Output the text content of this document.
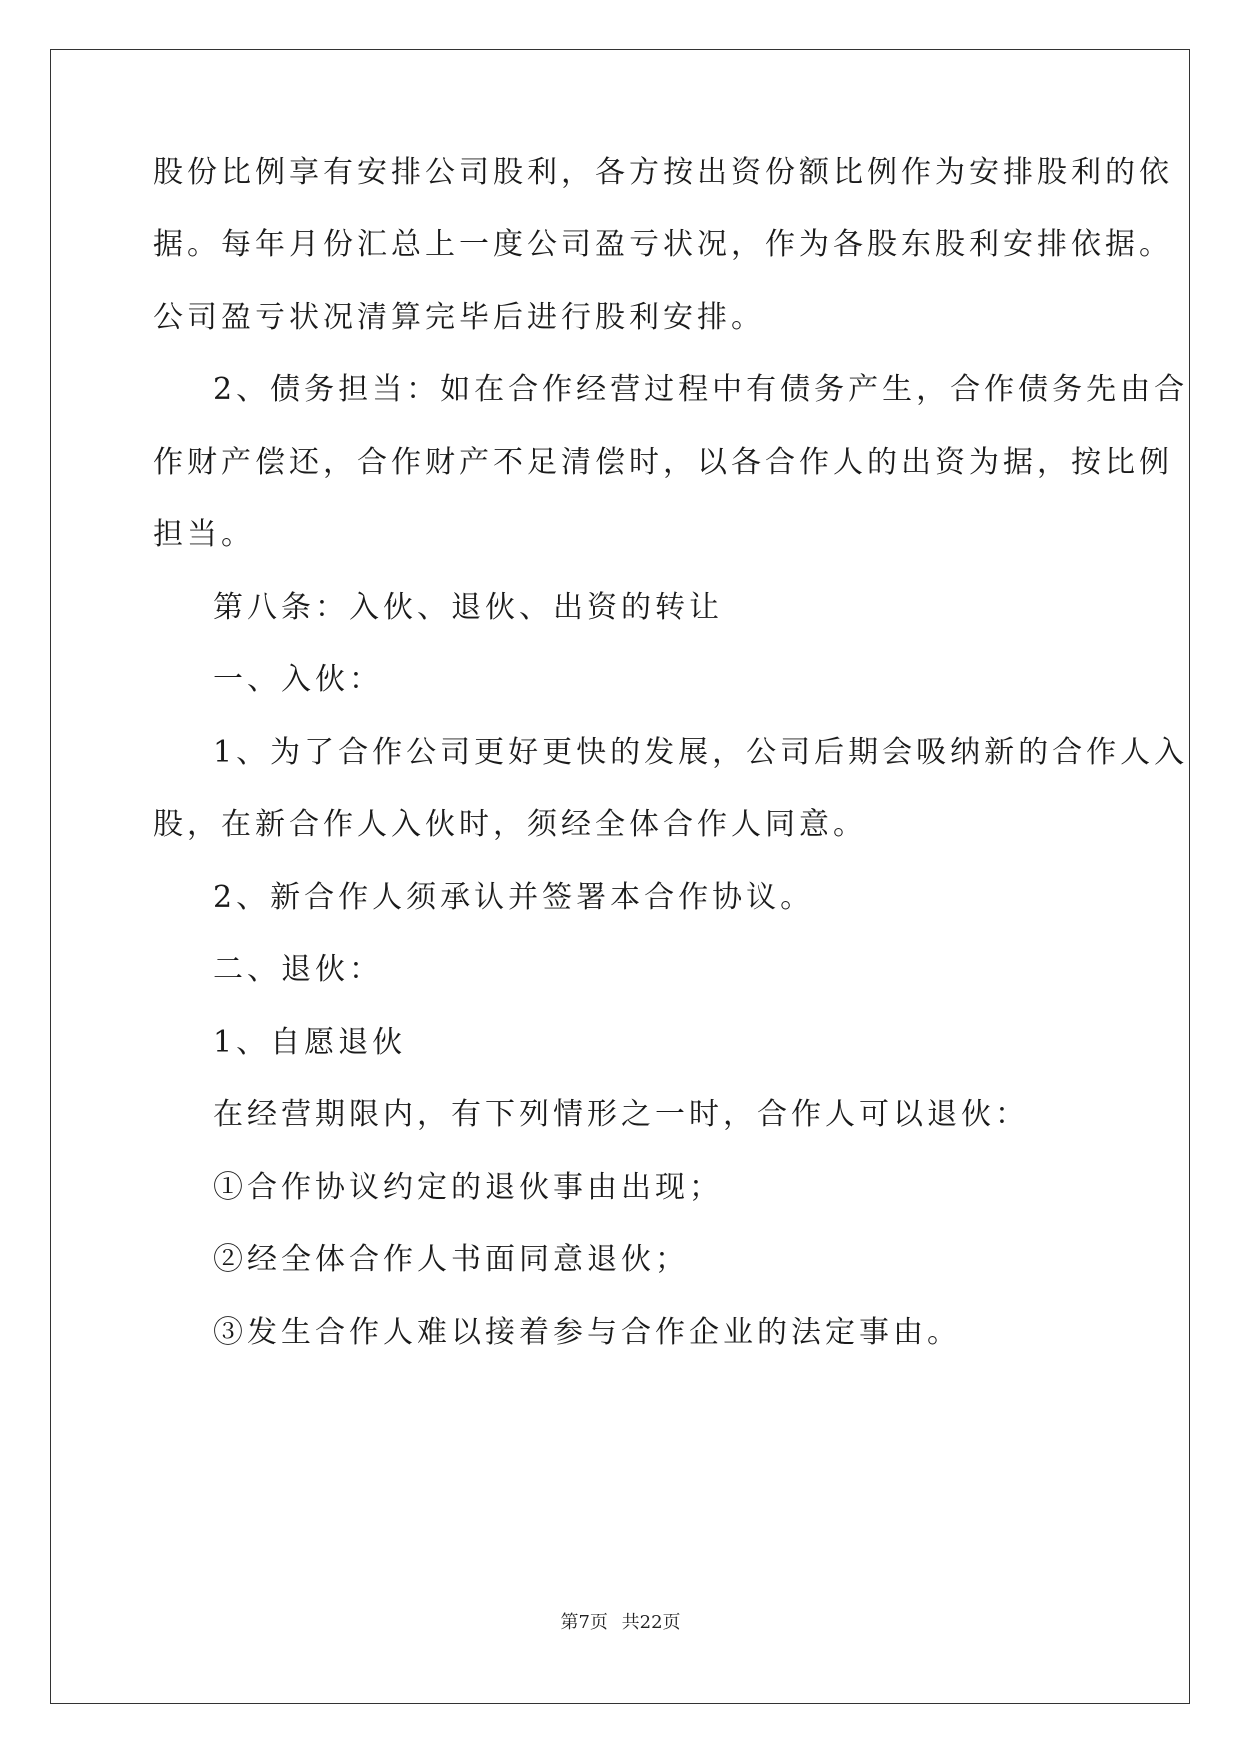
股份比例享有安排公司股利，各方按出资份额比例作为安排股利的依
据。每年月份汇总上一度公司盈亏状况，作为各股东股利安排依据。
公司盈亏状况清算完毕后进行股利安排。
2、债务担当：如在合作经营过程中有债务产生，合作债务先由合
作财产偿还，合作财产不足清偿时，以各合作人的出资为据，按比例
担当。
第八条：入伙、退伙、出资的转让
一、入伙：
1、为了合作公司更好更快的发展，公司后期会吸纳新的合作人入
股，在新合作人入伙时，须经全体合作人同意。
2、新合作人须承认并签署本合作协议。
二、退伙：
1、自愿退伙
在经营期限内，有下列情形之一时，合作人可以退伙：
①合作协议约定的退伙事由出现；
②经全体合作人书面同意退伙；
③发生合作人难以接着参与合作企业的法定事由。
第7页 共22页
